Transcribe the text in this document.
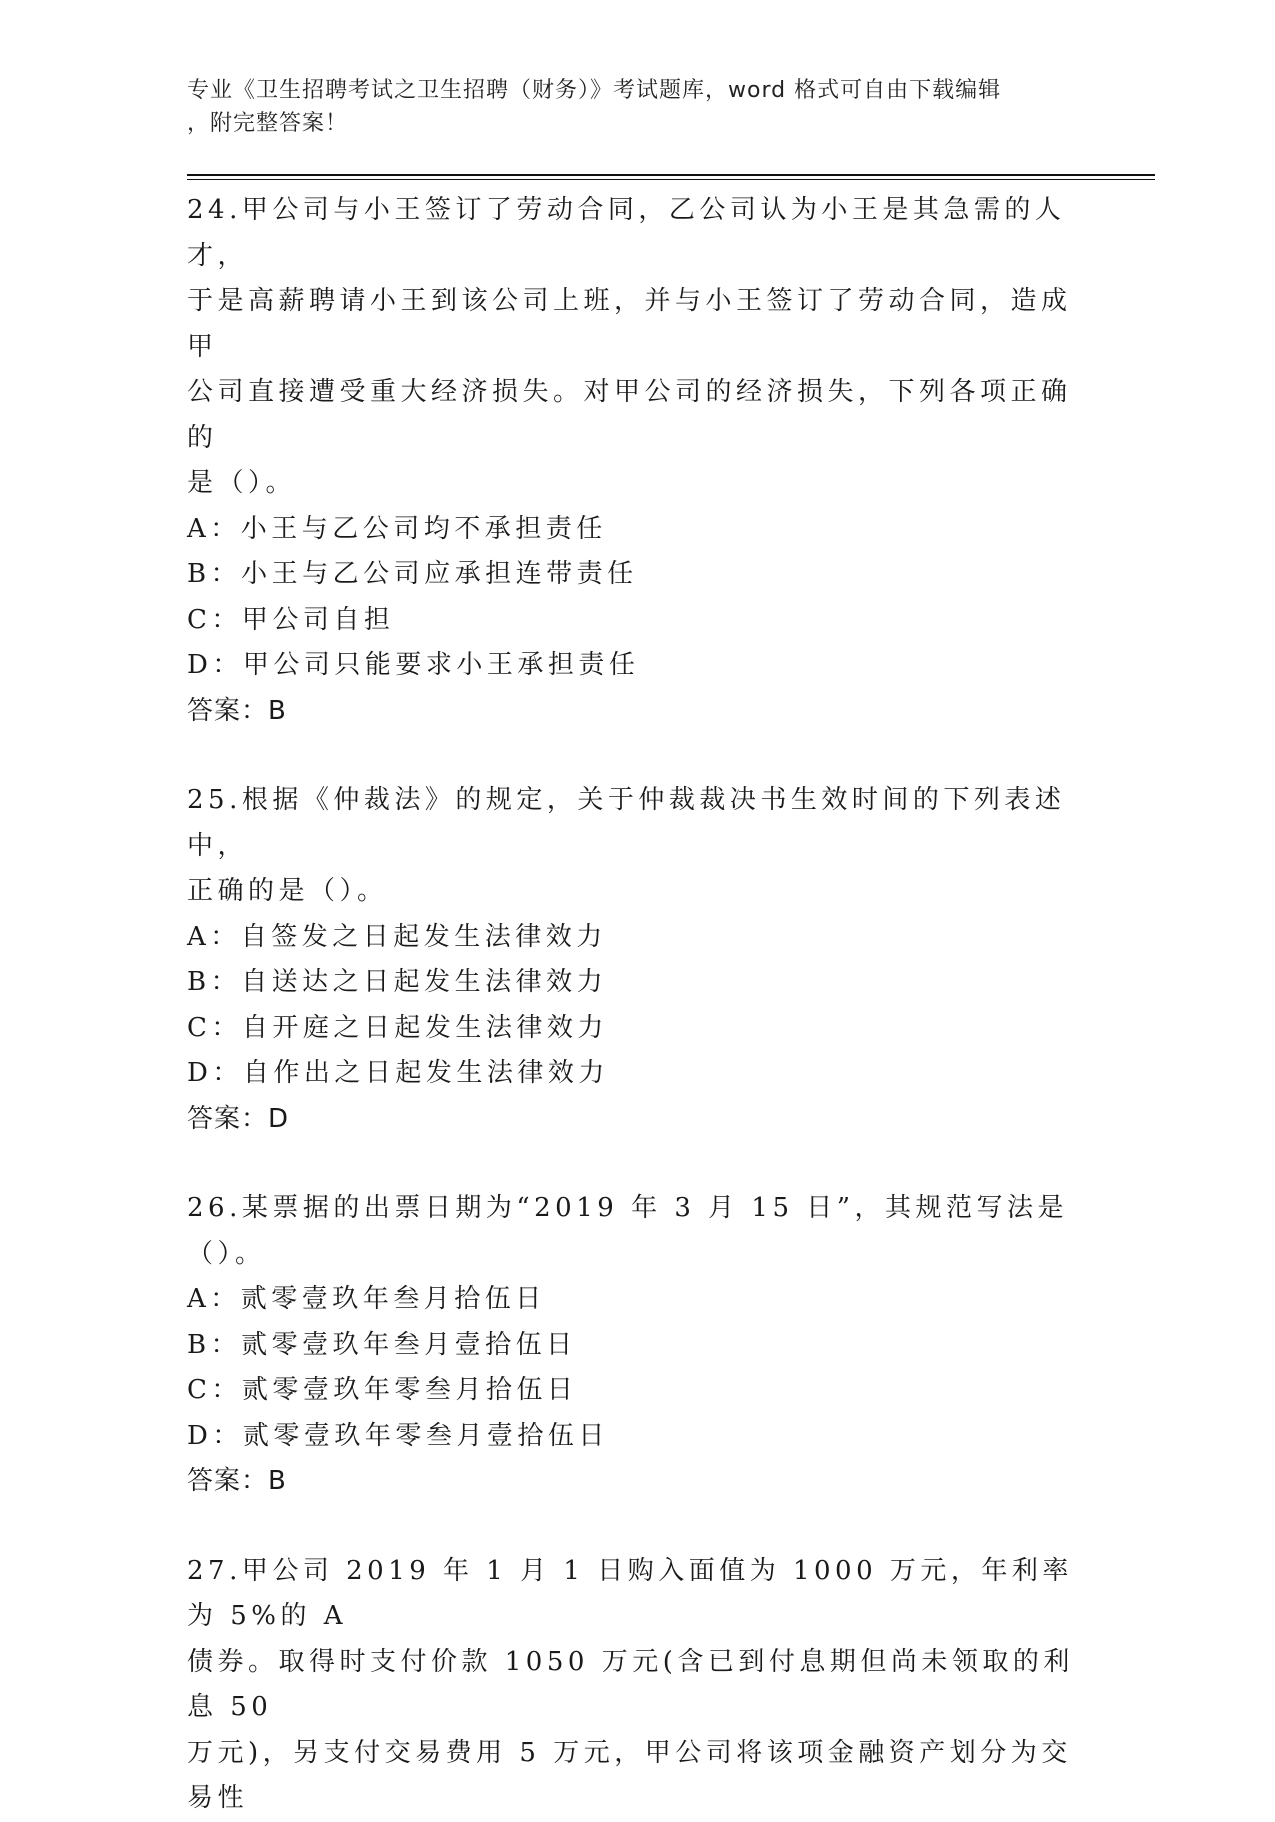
专业《卫生招聘考试之卫生招聘（财务）》考试题库，word 格式可自由下载编辑
，附完整答案！

24.甲公司与小王签订了劳动合同，乙公司认为小王是其急需的人才，

于是高薪聘请小王到该公司上班，并与小王签订了劳动合同，造成甲

公司直接遭受重大经济损失。对甲公司的经济损失，下列各项正确的

是（）。

A：小王与乙公司均不承担责任

B：小王与乙公司应承担连带责任

C：甲公司自担

D：甲公司只能要求小王承担责任

答案：B

25.根据《仲裁法》的规定，关于仲裁裁决书生效时间的下列表述中，

正确的是（）。

A：自签发之日起发生法律效力

B：自送达之日起发生法律效力

C：自开庭之日起发生法律效力

D：自作出之日起发生法律效力

答案：D

26.某票据的出票日期为“2019 年 3 月 15 日”，其规范写法是（）。

A：贰零壹玖年叁月拾伍日

B：贰零壹玖年叁月壹拾伍日

C：贰零壹玖年零叁月拾伍日

D：贰零壹玖年零叁月壹拾伍日

答案：B

27.甲公司 2019 年 1 月 1 日购入面值为 1000 万元，年利率为 5%的 A

债券。取得时支付价款 1050 万元(含已到付息期但尚未领取的利息 50

万元)，另支付交易费用 5 万元，甲公司将该项金融资产划分为交易性
